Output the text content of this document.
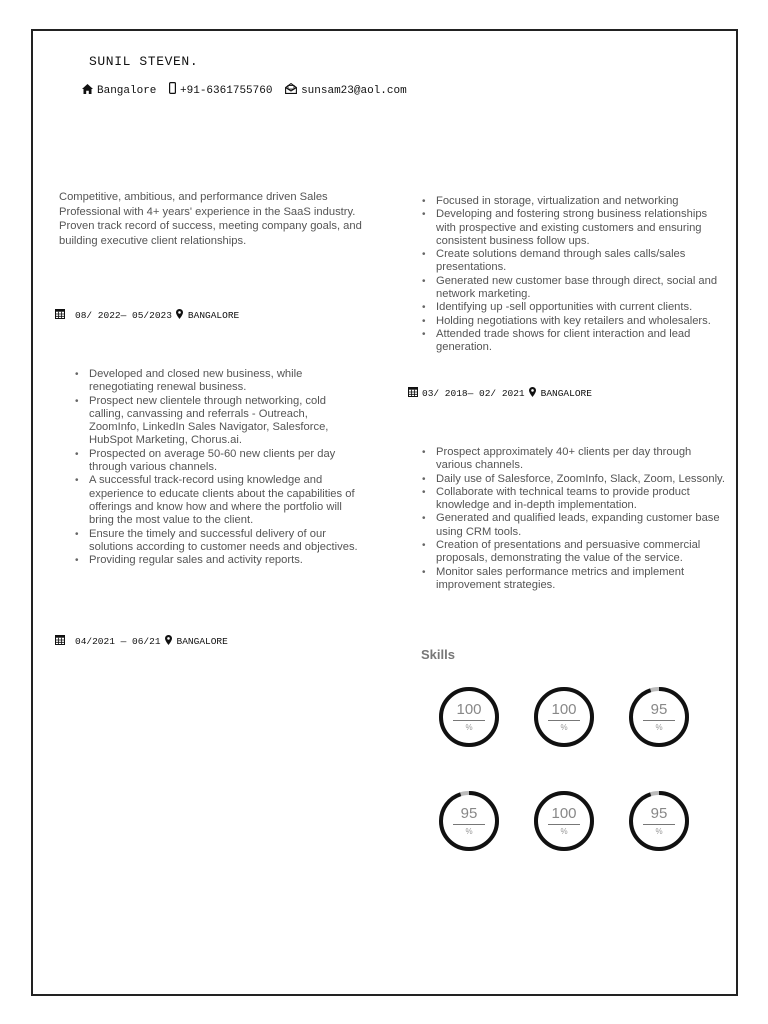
SUNIL STEVEN.
Bangalore +91-6361755760	sunsam23@aol.com
Competitive, ambitious, and performance driven Sales Professional with 4+ years' experience in the SaaS industry. Proven track record of success, meeting company goals, and building executive client relationships.
08/ 2022— 05/2023 BANGALORE
• Developed and closed new business, while renegotiating renewal business.
• Prospect new clientele through networking, cold calling, canvassing and referrals - Outreach, ZoomInfo, LinkedIn Sales Navigator, Salesforce, HubSpot Marketing, Chorus.ai.
• Prospected on average 50-60 new clients per day through various channels.
• A successful track-record using knowledge and experience to educate clients about the capabilities of offerings and know how and where the portfolio will bring the most value to the client.
• Ensure the timely and successful delivery of our solutions according to customer needs and objectives.
• Providing regular sales and activity reports.
04/2021 — 06/21 BANGALORE
• Focused in storage, virtualization and networking
• Developing and fostering strong business relationships with prospective and existing customers and ensuring consistent business follow ups.
• Create solutions demand through sales calls/sales presentations.
• Generated new customer base through direct, social and network marketing.
• Identifying up -sell opportunities with current clients.
• Holding negotiations with key retailers and wholesalers.
• Attended trade shows for client interaction and lead generation.
03/ 2018— 02/ 2021 BANGALORE
• Prospect approximately 40+ clients per day through various channels.
• Daily use of Salesforce, ZoomInfo, Slack, Zoom, Lessonly.
• Collaborate with technical teams to provide product knowledge and in-depth implementation.
• Generated and qualified leads, expanding customer base using CRM tools.
• Creation of presentations and persuasive commercial proposals, demonstrating the value of the service.
• Monitor sales performance metrics and implement improvement strategies.
Skills
100
%
100
%
95
%
95
%
100
%
95
%
